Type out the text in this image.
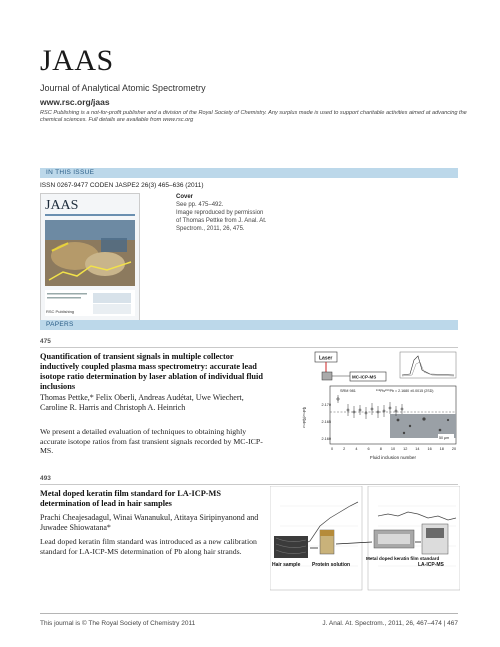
JAAS
Journal of Analytical Atomic Spectrometry
www.rsc.org/jaas
RSC Publishing is a not-for-profit publisher and a division of the Royal Society of Chemistry. Any surplus made is used to support charitable activities aimed at advancing the chemical sciences. Full details are available from www.rsc.org
IN THIS ISSUE
ISSN 0267-9477 CODEN JASPE2 26(3) 465–636 (2011)
JAAS
RSC Publishing
Cover
See pp. 475–492.
Image reproduced by permission
of Thomas Pettke from J. Anal. At.
Spectrom., 2011, 26, 475.
PAPERS
475
Quantification of transient signals in multiple collector inductively coupled plasma mass spectrometry: accurate lead isotope ratio determination by laser ablation of individual fluid inclusions
Thomas Pettke,* Felix Oberli, Andreas Audétat, Uwe Wiechert, Caroline R. Harris and Christoph A. Heinrich
We present a detailed evaluation of techniques to obtaining highly accurate isotope ratios from fast transient signals recorded by MC-ICP-MS.
Laser
MC-ICP-MS
50 μm
SRM 981	²⁰⁸Pb/²⁰⁶Pb = 2.1680 ±0.0015 (2SD)
2.170
2.165
2.160
²⁰⁸Pb/²⁰⁶Pb
0	2	4	6	8 10 12 14 16 18 20
Fluid inclusion number
493
Metal doped keratin film standard for LA-ICP-MS determination of lead in hair samples
Prachi Cheajesadagul, Winai Wananukul, Atitaya Siripinyanond and Juwadee Shiowatana*
Lead doped keratin film standard was introduced as a new calibration standard for LA-ICP-MS determination of Pb along hair strands.
Hair sample Protein solution
Metal doped keratin film standard
LA-ICP-MS
This journal is © The Royal Society of Chemistry 2011	J. Anal. At. Spectrom., 2011, 26, 467–474 | 467
